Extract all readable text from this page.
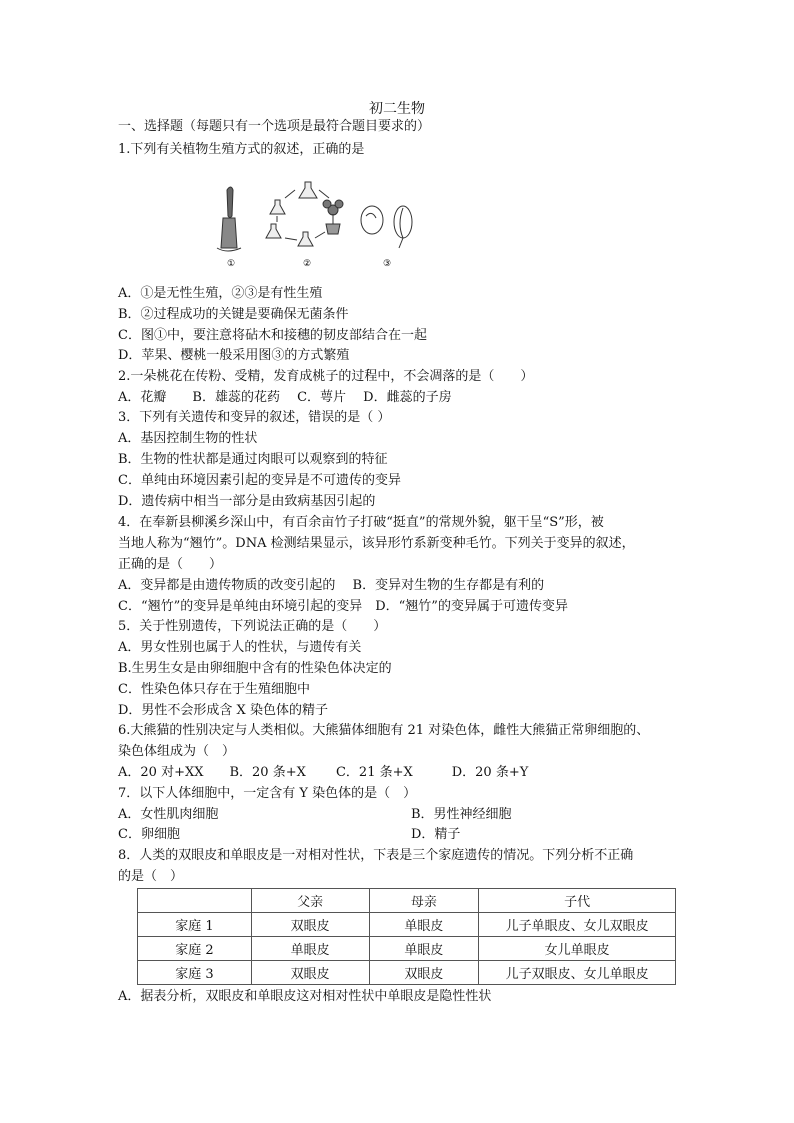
初二生物
一、选择题（每题只有一个选项是最符合题目要求的）
1.下列有关植物生殖方式的叙述，正确的是
①	②	③
A．①是无性生殖，②③是有性生殖
B．②过程成功的关键是要确保无菌条件
C．图①中，要注意将砧木和接穗的韧皮部结合在一起
D．苹果、樱桃一般采用图③的方式繁殖
2.一朵桃花在传粉、受精，发育成桃子的过程中，不会凋落的是（　　）
A．花瓣　　B．雄蕊的花药　 C．萼片　 D．雌蕊的子房
3．下列有关遗传和变异的叙述，错误的是（ ）
A．基因控制生物的性状
B．生物的性状都是通过肉眼可以观察到的特征
C．单纯由环境因素引起的变异是不可遗传的变异
D．遗传病中相当一部分是由致病基因引起的
4．在奉新县柳溪乡深山中，有百余亩竹子打破“挺直”的常规外貌，躯干呈“S”形，被
当地人称为“翘竹”。DNA 检测结果显示，该异形竹系新变种毛竹。下列关于变异的叙述，
正确的是（　　）
A．变异都是由遗传物质的改变引起的　 B．变异对生物的生存都是有利的
C．“翘竹”的变异是单纯由环境引起的变异　D．“翘竹”的变异属于可遗传变异
5．关于性别遗传，下列说法正确的是（　　）
A．男女性别也属于人的性状，与遗传有关
B.生男生女是由卵细胞中含有的性染色体决定的
C．性染色体只存在于生殖细胞中
D．男性不会形成含 X 染色体的精子
6.大熊猫的性别决定与人类相似。大熊猫体细胞有 21 对染色体，雌性大熊猫正常卵细胞的、
染色体组成为（　）
A．20 对+XX　　B．20 条+X　　 C．21 条+X　　　D．20 条+Y
7．以下人体细胞中，一定含有 Y 染色体的是（　）
A．女性肌肉细胞	B．男性神经细胞
C．卵细胞	D．精子
8．人类的双眼皮和单眼皮是一对相对性状，下表是三个家庭遗传的情况。下列分析不正确
的是（　）
	父亲	母亲	子代
家庭 1	双眼皮	单眼皮	儿子单眼皮、女儿双眼皮
家庭 2	单眼皮	单眼皮	女儿单眼皮
家庭 3	双眼皮	双眼皮	儿子双眼皮、女儿单眼皮
A．据表分析，双眼皮和单眼皮这对相对性状中单眼皮是隐性性状
